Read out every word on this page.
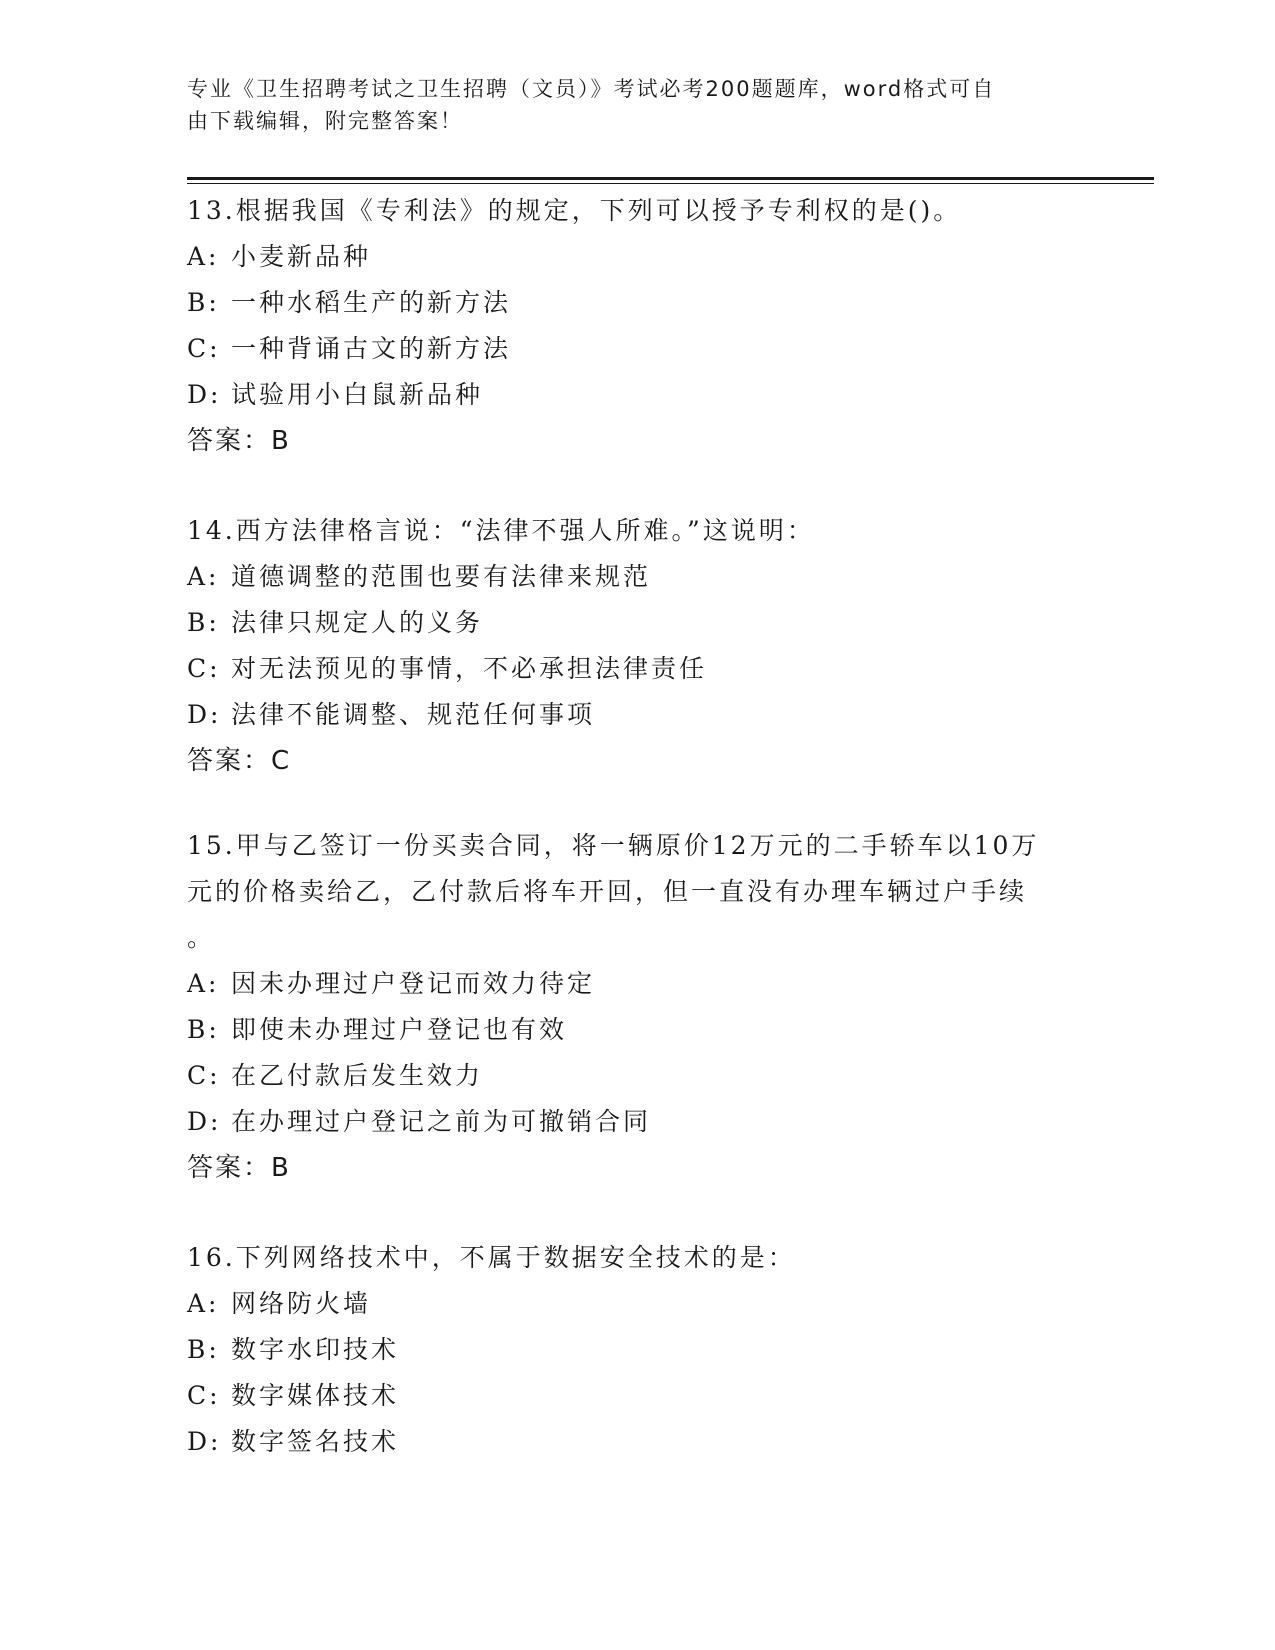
专业《卫生招聘考试之卫生招聘（文员）》考试必考200题题库，word格式可自
由下载编辑，附完整答案！

13.根据我国《专利法》的规定，下列可以授予专利权的是()。

A: 小麦新品种

B: 一种水稻生产的新方法

C: 一种背诵古文的新方法

D: 试验用小白鼠新品种

答案：B

14.西方法律格言说：“法律不强人所难。”这说明：

A: 道德调整的范围也要有法律来规范

B: 法律只规定人的义务

C: 对无法预见的事情，不必承担法律责任

D: 法律不能调整、规范任何事项

答案：C

15.甲与乙签订一份买卖合同，将一辆原价12万元的二手轿车以10万

元的价格卖给乙，乙付款后将车开回，但一直没有办理车辆过户手续

。

A: 因未办理过户登记而效力待定

B: 即使未办理过户登记也有效

C: 在乙付款后发生效力

D: 在办理过户登记之前为可撤销合同

答案：B

16.下列网络技术中，不属于数据安全技术的是：

A: 网络防火墙

B: 数字水印技术

C: 数字媒体技术

D: 数字签名技术
